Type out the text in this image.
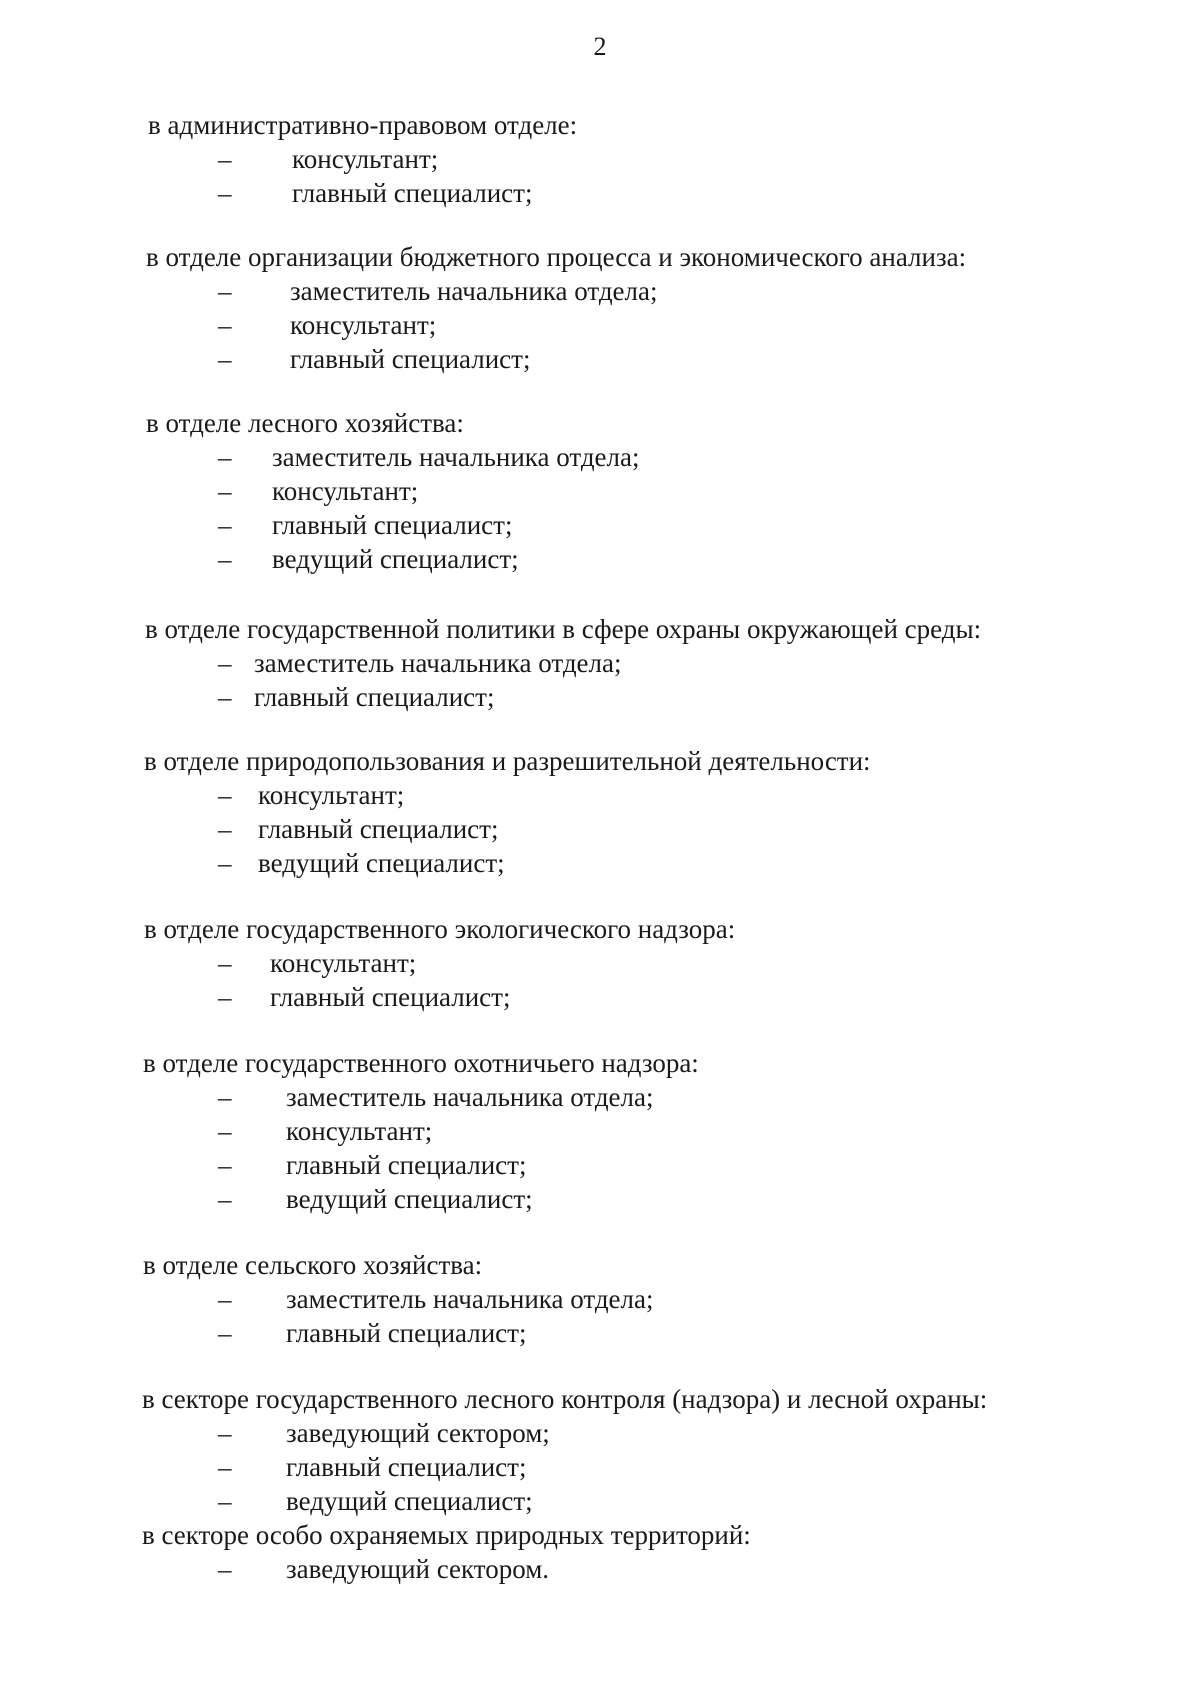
2
в административно-правовом отделе:
– консультант;
– главный специалист;
в отделе организации бюджетного процесса и экономического анализа:
– заместитель начальника отдела;
– консультант;
– главный специалист;
в отделе лесного хозяйства:
– заместитель начальника отдела;
– консультант;
– главный специалист;
– ведущий специалист;
в отделе государственной политики в сфере охраны окружающей среды:
– заместитель начальника отдела;
– главный специалист;
в отделе природопользования и разрешительной деятельности:
– консультант;
– главный специалист;
– ведущий специалист;
в отделе государственного экологического надзора:
– консультант;
– главный специалист;
в отделе государственного охотничьего надзора:
– заместитель начальника отдела;
– консультант;
– главный специалист;
– ведущий специалист;
в отделе сельского хозяйства:
– заместитель начальника отдела;
– главный специалист;
в секторе государственного лесного контроля (надзора) и лесной охраны:
– заведующий сектором;
– главный специалист;
– ведущий специалист;
в секторе особо охраняемых природных территорий:
– заведующий сектором.
